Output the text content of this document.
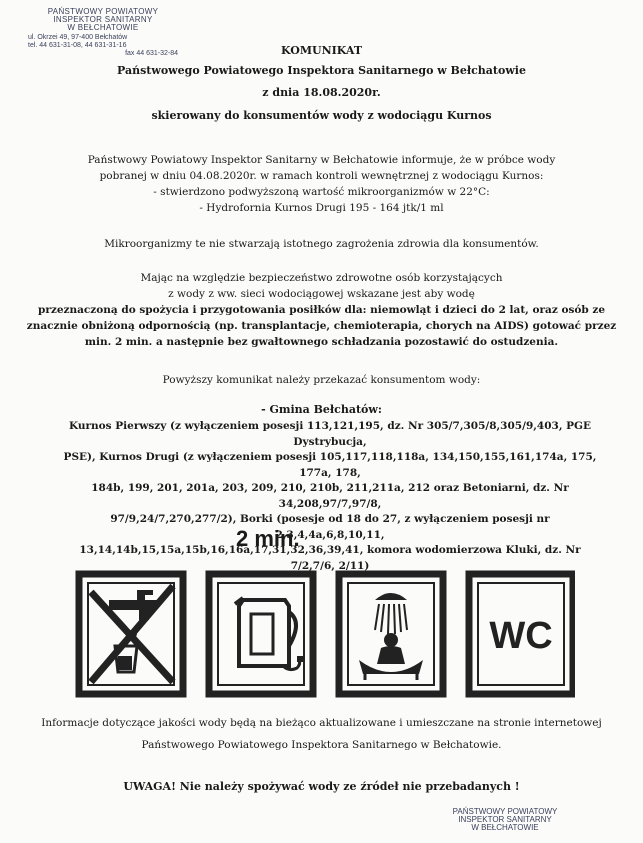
PAŃSTWOWY POWIATOWY
INSPEKTOR SANITARNY
W BEŁCHATOWIE
ul. Okrzei 49, 97-400 Bełchatów
tel. 44 631-31-08, 44 631-31-16
fax 44 631-32-84	KOMUNIKAT
Państwowego Powiatowego Inspektora Sanitarnego w Bełchatowie
z dnia 18.08.2020r.
skierowany do konsumentów wody z wodociągu Kurnos
Państwowy Powiatowy Inspektor Sanitarny w Bełchatowie informuje, że w próbce wody
pobranej w dniu 04.08.2020r. w ramach kontroli wewnętrznej z wodociągu Kurnos:
- stwierdzono podwyższoną wartość mikroorganizmów w 22°C:
- Hydrofornia Kurnos Drugi 195 - 164 jtk/1 ml
Mikroorganizmy te nie stwarzają istotnego zagrożenia zdrowia dla konsumentów.
Mając na względzie bezpieczeństwo zdrowotne osób korzystających
z wody z ww. sieci wodociągowej wskazane jest aby wodę
przeznaczoną do spożycia i przygotowania posiłków dla: niemowląt i dzieci do 2 lat, oraz osób ze
znacznie obniżoną odpornością (np. transplantacje, chemioterapia, chorych na AIDS) gotować przez
min. 2 min. a następnie bez gwałtownego schładzania pozostawić do ostudzenia.
Powyższy komunikat należy przekazać konsumentom wody:
- Gmina Bełchatów:
Kurnos Pierwszy (z wyłączeniem posesji 113,121,195, dz. Nr 305/7,305/8,305/9,403, PGE Dystrybucja,
PSE), Kurnos Drugi (z wyłączeniem posesji 105,117,118,118a, 134,150,155,161,174a, 175, 177a, 178,
184b, 199, 201, 201a, 203, 209, 210, 210b, 211,211a, 212 oraz Betoniarni, dz. Nr 34,208,97/7,97/8,
97/9,24/7,270,277/2), Borki (posesje od 18 do 27, z wyłączeniem posesji nr 2,3,4,4a,6,8,10,11,
13,14,14b,15,15a,15b,16,16a,17,31,32,36,39,41, komora wodomierzowa Kluki, dz. Nr 7/2,7/6, 2/11)
2 min.
WC
Informacje dotyczące jakości wody będą na bieżąco aktualizowane i umieszczane na stronie internetowej
Państwowego Powiatowego Inspektora Sanitarnego w Bełchatowie.
UWAGA! Nie należy spożywać wody ze źródeł nie przebadanych !
PAŃSTWOWY POWIATOWY
INSPEKTOR SANITARNY
W BEŁCHATOWIE
